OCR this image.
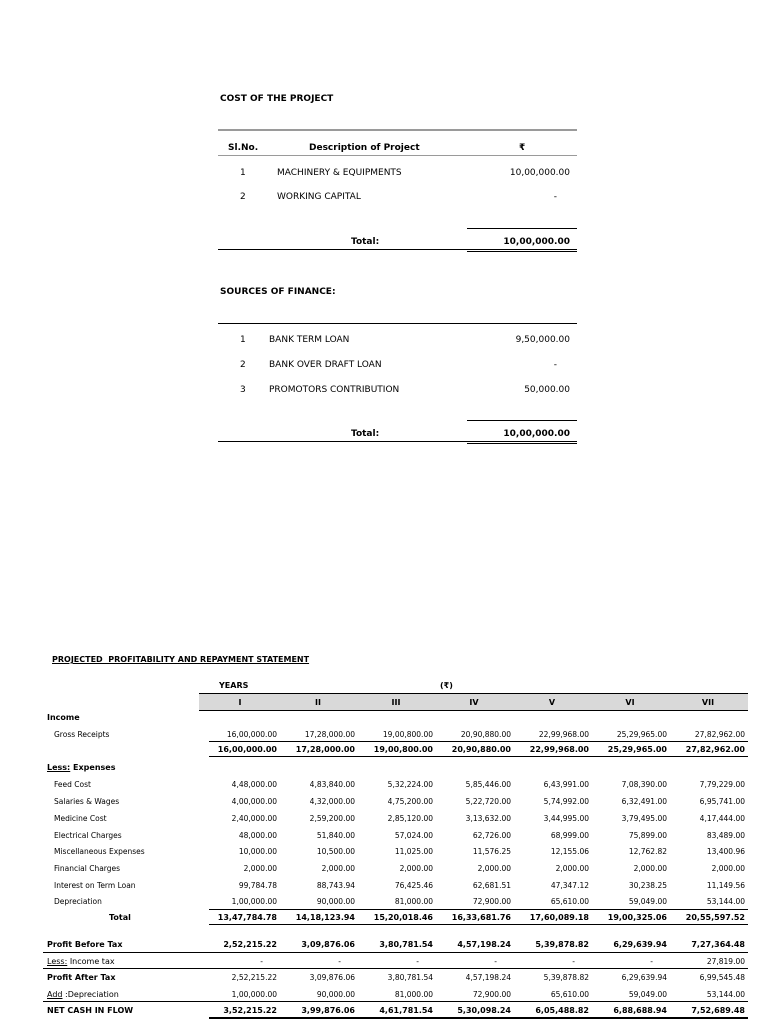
COST OF THE PROJECT
Sl.No.	Description of Project	₹
1	MACHINERY & EQUIPMENTS	10,00,000.00
2	WORKING CAPITAL	-
Total:	10,00,000.00
SOURCES OF FINANCE:
1	BANK TERM LOAN	9,50,000.00
2	BANK OVER DRAFT LOAN	-
3	PROMOTORS CONTRIBUTION	50,000.00
Total:	10,00,000.00
PROJECTED  PROFITABILITY AND REPAYMENT STATEMENT
YEARS	(₹)
I	II	III	IV	V	VI	VII
Income
Gross Receipts	16,00,000.00	17,28,000.00	19,00,800.00	20,90,880.00	22,99,968.00	25,29,965.00	27,82,962.00
16,00,000.00	17,28,000.00	19,00,800.00	20,90,880.00	22,99,968.00	25,29,965.00	27,82,962.00
Less: Expenses
Feed Cost	4,48,000.00	4,83,840.00	5,32,224.00	5,85,446.00	6,43,991.00	7,08,390.00	7,79,229.00
Salaries & Wages	4,00,000.00	4,32,000.00	4,75,200.00	5,22,720.00	5,74,992.00	6,32,491.00	6,95,741.00
Medicine Cost	2,40,000.00	2,59,200.00	2,85,120.00	3,13,632.00	3,44,995.00	3,79,495.00	4,17,444.00
Electrical Charges	48,000.00	51,840.00	57,024.00	62,726.00	68,999.00	75,899.00	83,489.00
Miscellaneous Expenses	10,000.00	10,500.00	11,025.00	11,576.25	12,155.06	12,762.82	13,400.96
Financial Charges	2,000.00	2,000.00	2,000.00	2,000.00	2,000.00	2,000.00	2,000.00
Interest on Term Loan	99,784.78	88,743.94	76,425.46	62,681.51	47,347.12	30,238.25	11,149.56
Depreciation	1,00,000.00	90,000.00	81,000.00	72,900.00	65,610.00	59,049.00	53,144.00
Total	13,47,784.78	14,18,123.94	15,20,018.46	16,33,681.76	17,60,089.18	19,00,325.06	20,55,597.52
Profit Before Tax	2,52,215.22	3,09,876.06	3,80,781.54	4,57,198.24	5,39,878.82	6,29,639.94	7,27,364.48
Less: Income tax	-	-	-	-	-	-	27,819.00
Profit After Tax	2,52,215.22	3,09,876.06	3,80,781.54	4,57,198.24	5,39,878.82	6,29,639.94	6,99,545.48
Add :Depreciation	1,00,000.00	90,000.00	81,000.00	72,900.00	65,610.00	59,049.00	53,144.00
NET CASH IN FLOW	3,52,215.22	3,99,876.06	4,61,781.54	5,30,098.24	6,05,488.82	6,88,688.94	7,52,689.48
